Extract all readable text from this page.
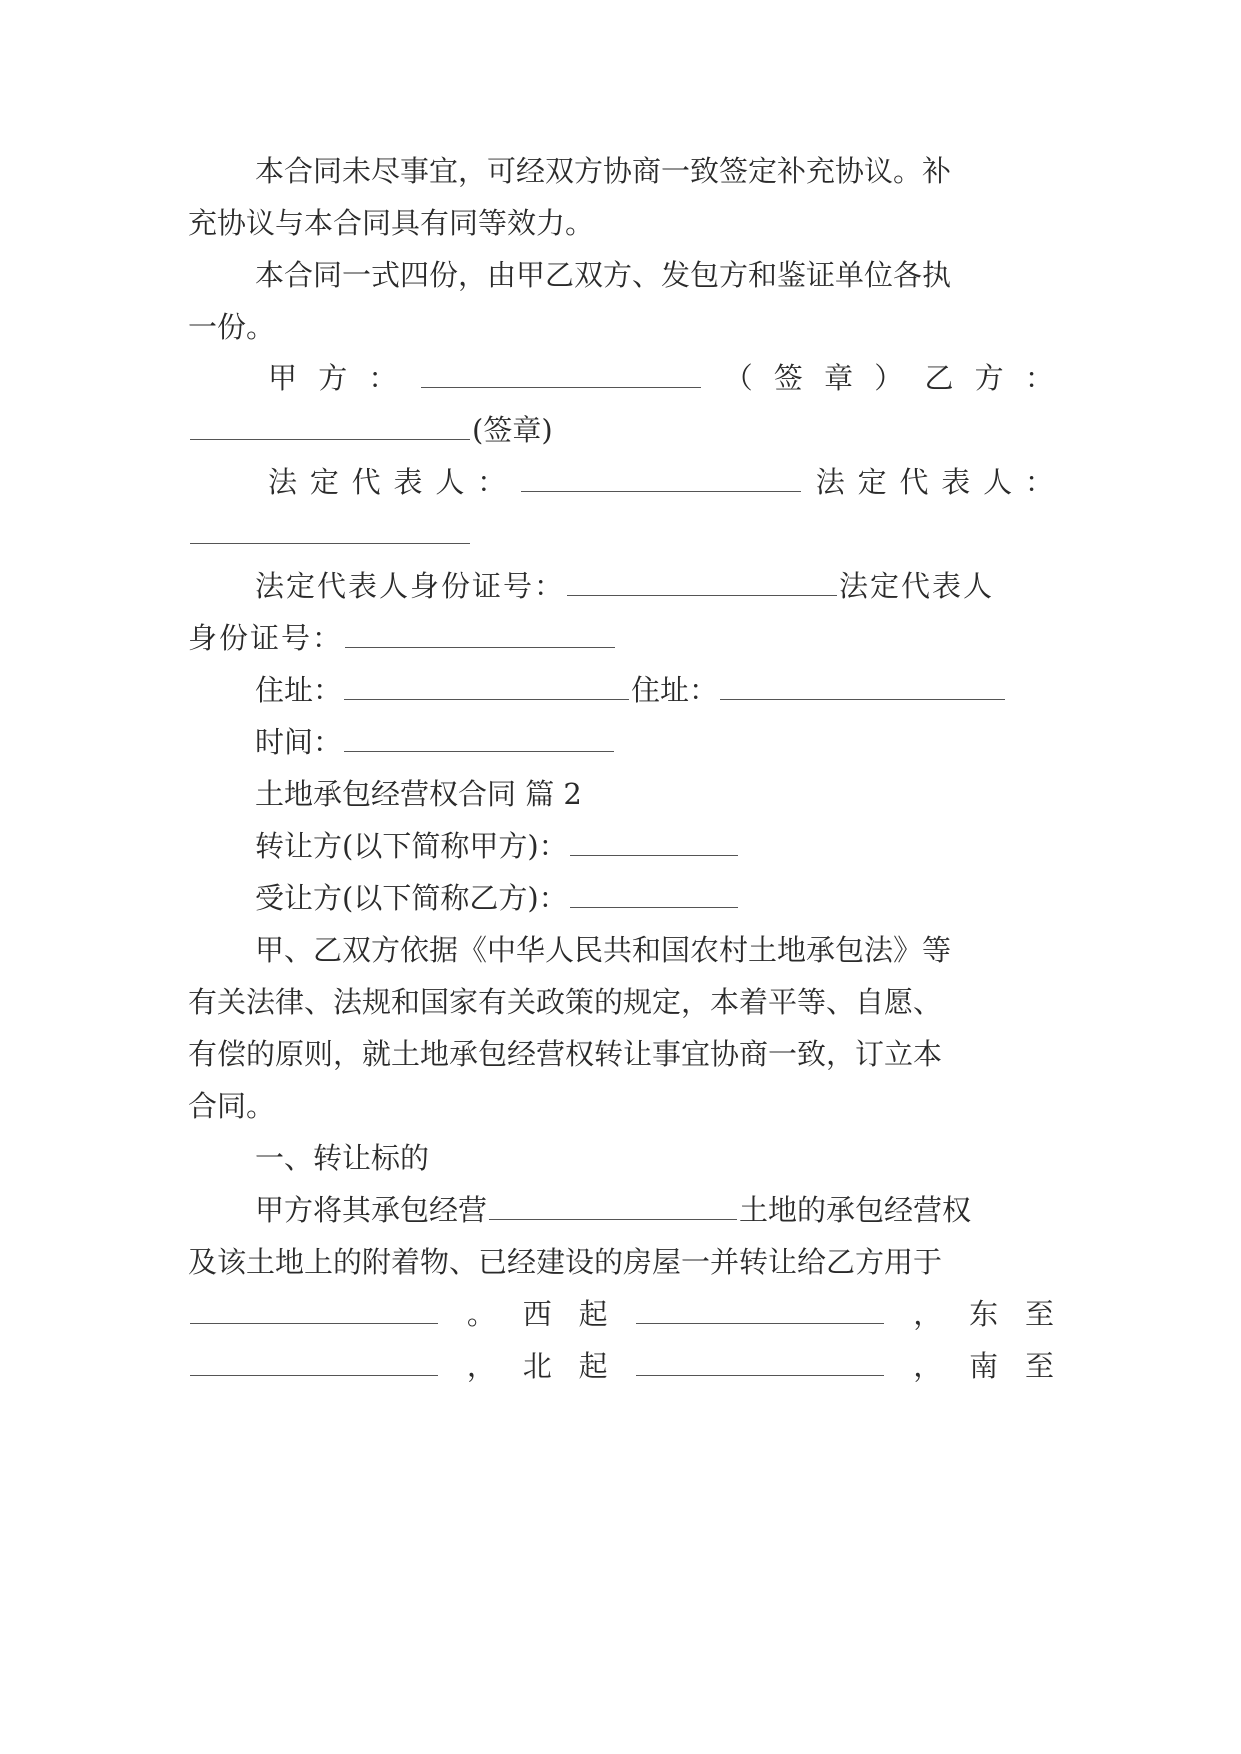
本合同未尽事宜，可经双方协商一致签定补充协议。补
充协议与本合同具有同等效力。
本合同一式四份，由甲乙双方、发包方和鉴证单位各执
一份。
甲 方 ：	（ 签 章 ） 乙 方 ：
(签章)
法 定 代 表 人 ：	法 定 代 表 人 ：
法定代表人身份证号：	法定代表人
身份证号：
住址：	住址：
时间：
土地承包经营权合同 篇 2
转让方(以下简称甲方)：
受让方(以下简称乙方)：
甲、乙双方依据《中华人民共和国农村土地承包法》等
有关法律、法规和国家有关政策的规定，本着平等、自愿、
有偿的原则，就土地承包经营权转让事宜协商一致，订立本
合同。
一、转让标的
甲方将其承包经营	土地的承包经营权
及该土地上的附着物、已经建设的房屋一并转让给乙方用于
。 西 起	， 东 至
， 北 起	， 南 至
